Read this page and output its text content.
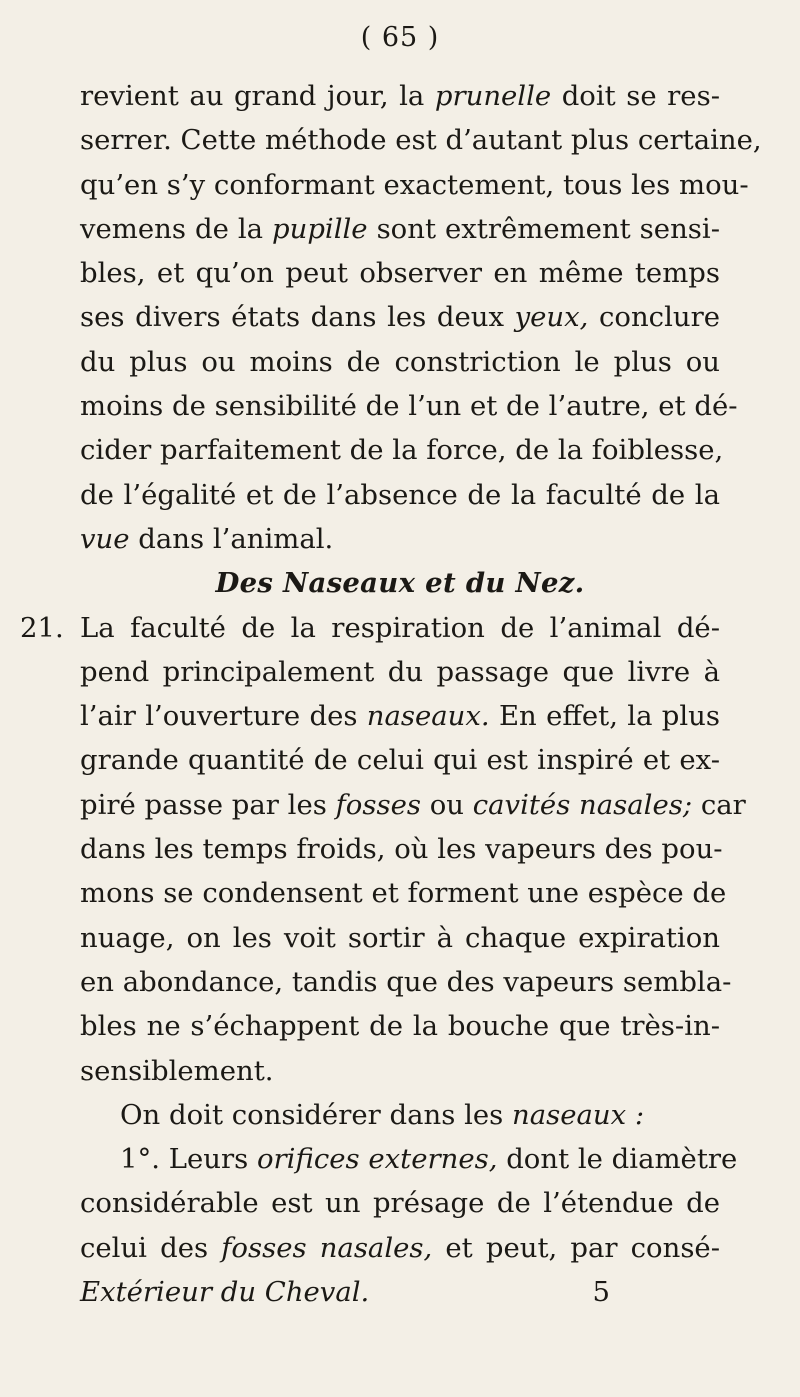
( 65 )
revient au grand jour, la prunelle doit se res-
serrer. Cette méthode est d’autant plus certaine,
qu’en s’y conformant exactement, tous les mou-
vemens de la pupille sont extrêmement sensi-
bles, et qu’on peut observer en même temps
ses divers états dans les deux yeux, conclure
du plus ou moins de constriction le plus ou
moins de sensibilité de l’un et de l’autre, et dé-
cider parfaitement de la force, de la foiblesse,
de l’égalité et de l’absence de la faculté de la
vue dans l’animal.
Des Naseaux et du Nez.
La faculté de la respiration de l’animal dé-
21.
pend principalement du passage que livre à
l’air l’ouverture des naseaux. En effet, la plus
grande quantité de celui qui est inspiré et ex-
piré passe par les fosses ou cavités nasales; car
dans les temps froids, où les vapeurs des pou-
mons se condensent et forment une espèce de
nuage, on les voit sortir à chaque expiration
en abondance, tandis que des vapeurs sembla-
bles ne s’échappent de la bouche que très-in-
sensiblement.
On doit considérer dans les naseaux :
1°. Leurs orifices externes, dont le diamètre
considérable est un présage de l’étendue de
celui des fosses nasales, et peut, par consé-
Extérieur du Cheval.	5
